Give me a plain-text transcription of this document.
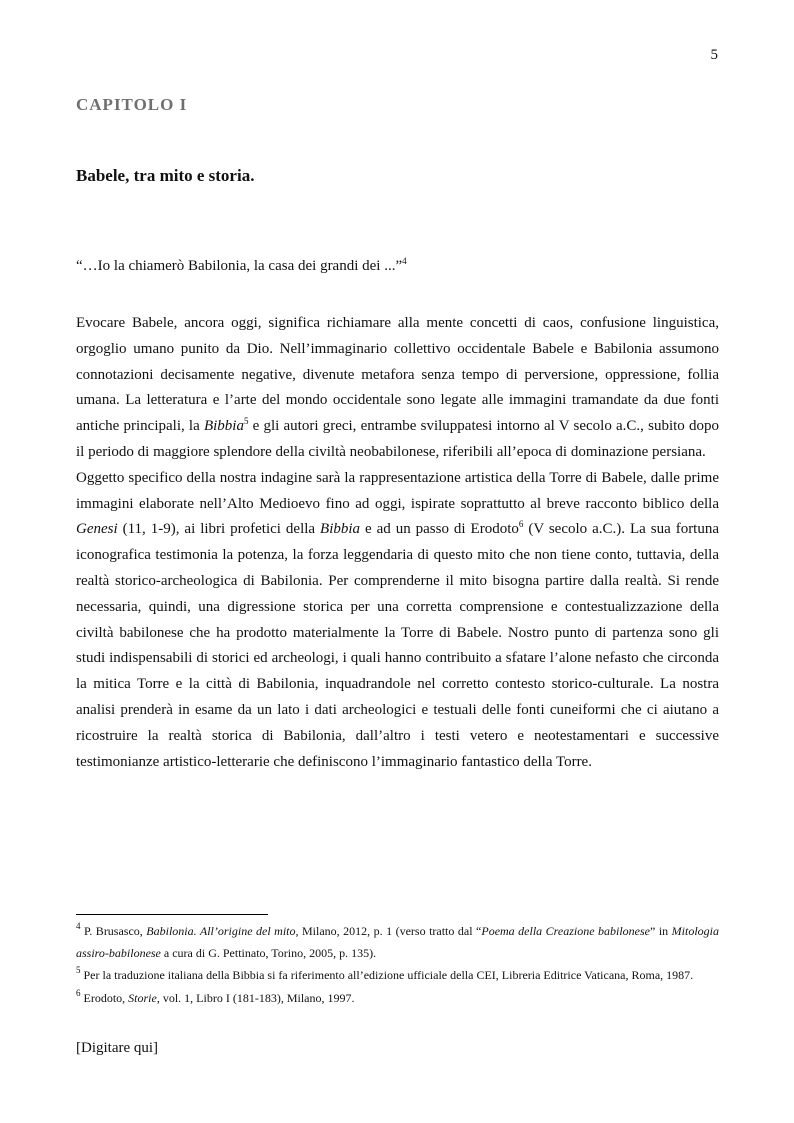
5
CAPITOLO I
Babele, tra mito e storia.
“…Io la chiamerò Babilonia, la casa dei grandi dei ...”$^4$

Evocare Babele, ancora oggi, significa richiamare alla mente concetti di caos, confusione linguistica, orgoglio umano punito da Dio. Nell’immaginario collettivo occidentale Babele e Babilonia assumono connotazioni decisamente negative, divenute metafora senza tempo di perversione, oppressione, follia umana. La letteratura e l’arte del mondo occidentale sono legate alle immagini tramandate da due fonti antiche principali, la Bibbia$^5$ e gli autori greci, entrambe sviluppatesi intorno al V secolo a.C., subito dopo il periodo di maggiore splendore della civiltà neobabilonese, riferibili all’epoca di dominazione persiana.

Oggetto specifico della nostra indagine sarà la rappresentazione artistica della Torre di Babele, dalle prime immagini elaborate nell’Alto Medioevo fino ad oggi, ispirate soprattutto al breve racconto biblico della Genesi (11, 1-9), ai libri profetici della Bibbia e ad un passo di Erodoto$^6$ (V secolo a.C.). La sua fortuna iconografica testimonia la potenza, la forza leggendaria di questo mito che non tiene conto, tuttavia, della realtà storico-archeologica di Babilonia. Per comprenderne il mito bisogna partire dalla realtà. Si rende necessaria, quindi, una digressione storica per una corretta comprensione e contestualizzazione della civiltà babilonese che ha prodotto materialmente la Torre di Babele. Nostro punto di partenza sono gli studi indispensabili di storici ed archeologi, i quali hanno contribuito a sfatare l’alone nefasto che circonda la mitica Torre e la città di Babilonia, inquadrandole nel corretto contesto storico-culturale. La nostra analisi prenderà in esame da un lato i dati archeologici e testuali delle fonti cuneiformi che ci aiutano a ricostruire la realtà storica di Babilonia, dall’altro i testi vetero e neotestamentari e successive testimonianze artistico-letterarie che definiscono l’immaginario fantastico della Torre.

$^4$ P. Brusasco, Babilonia. All’origine del mito, Milano, 2012, p. 1 (verso tratto dal “Poema della Creazione babilonese” in Mitologia assiro-babilonese a cura di G. Pettinato, Torino, 2005, p. 135).

$^5$ Per la traduzione italiana della Bibbia si fa riferimento all’edizione ufficiale della CEI, Libreria Editrice Vaticana, Roma, 1987.

$^6$ Erodoto, Storie, vol. 1, Libro I (181-183), Milano, 1997.

[Digitare qui]
